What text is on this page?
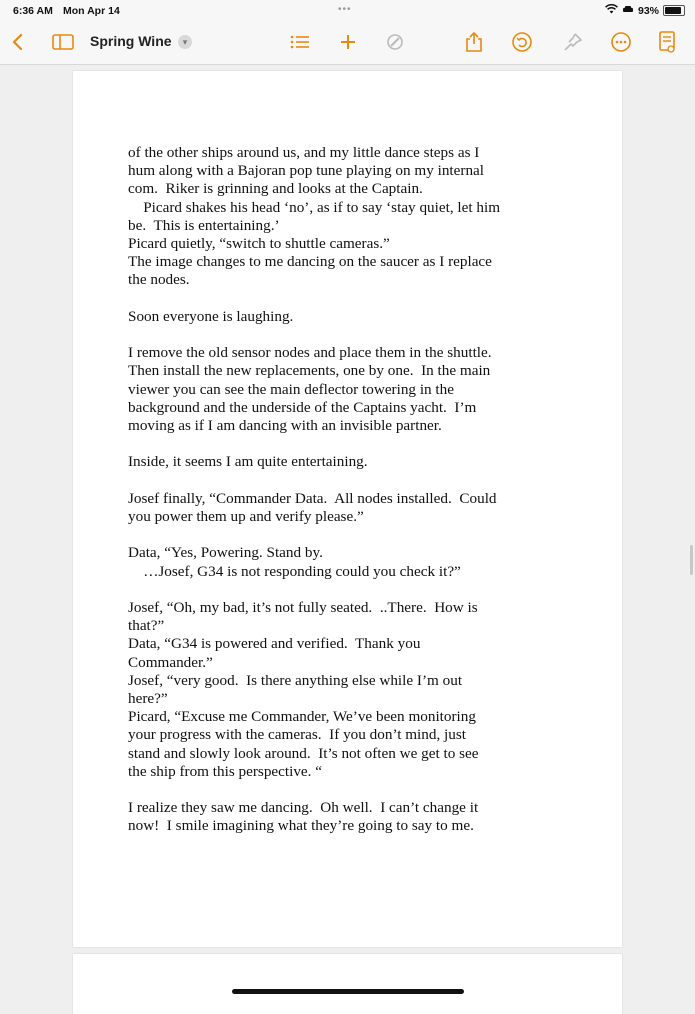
6:36 AM Mon Apr 14	•••	93%
Spring Wine	▾

of the other ships around us, and my little dance steps as I
hum along with a Bajoran pop tune playing on my internal
com.  Riker is grinning and looks at the Captain.
Picard shakes his head ‘no’, as if to say ‘stay quiet, let him
be.  This is entertaining.’
Picard quietly, “switch to shuttle cameras.”
The image changes to me dancing on the saucer as I replace
the nodes.

Soon everyone is laughing.

I remove the old sensor nodes and place them in the shuttle.
Then install the new replacements, one by one.  In the main
viewer you can see the main deflector towering in the
background and the underside of the Captains yacht.  I’m
moving as if I am dancing with an invisible partner.

Inside, it seems I am quite entertaining.

Josef finally, “Commander Data.  All nodes installed.  Could
you power them up and verify please.”

Data, “Yes, Powering. Stand by.
…Josef, G34 is not responding could you check it?”

Josef, “Oh, my bad, it’s not fully seated.  ..There.  How is
that?”
Data, “G34 is powered and verified.  Thank you
Commander.”
Josef, “very good.  Is there anything else while I’m out
here?”
Picard, “Excuse me Commander, We’ve been monitoring
your progress with the cameras.  If you don’t mind, just
stand and slowly look around.  It’s not often we get to see
the ship from this perspective. “

I realize they saw me dancing.  Oh well.  I can’t change it
now!  I smile imagining what they’re going to say to me.
